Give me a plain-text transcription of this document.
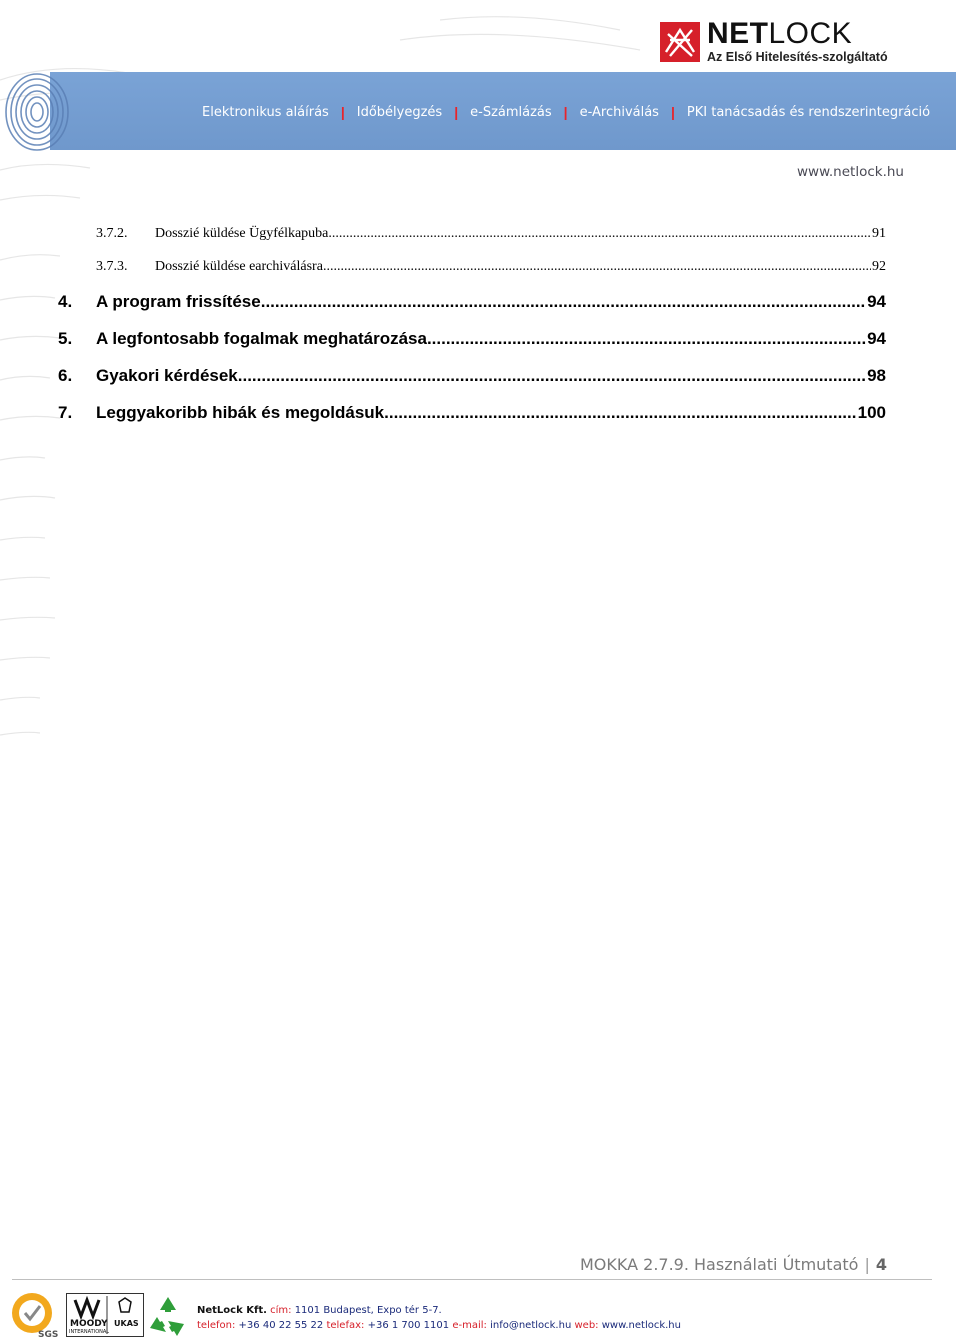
NETLOCK
Az Első Hitelesítés-szolgáltató
Elektronikus aláírás | Időbélyegzés | e-Számlázás | e-Archiválás | PKI tanácsadás és rendszerintegráció
www.netlock.hu
3.7.2.	Dosszié küldése Ügyfélkapuba .....	91
3.7.3.	Dosszié küldése earchiválásra .....	92
4.	A program frissítése .....	94
5.	A legfontosabb fogalmak meghatározása .....	94
6.	Gyakori kérdések .....	98
7.	Leggyakoribb hibák és megoldásuk .....	100
MOKKA 2.7.9. Használati Útmutató | 4
SGS
MOODY
INTERNATIONAL
UKAS
NetLock Kft. cím: 1101 Budapest, Expo tér 5-7.
telefon: +36 40 22 55 22 telefax: +36 1 700 1101 e-mail: info@netlock.hu web: www.netlock.hu
